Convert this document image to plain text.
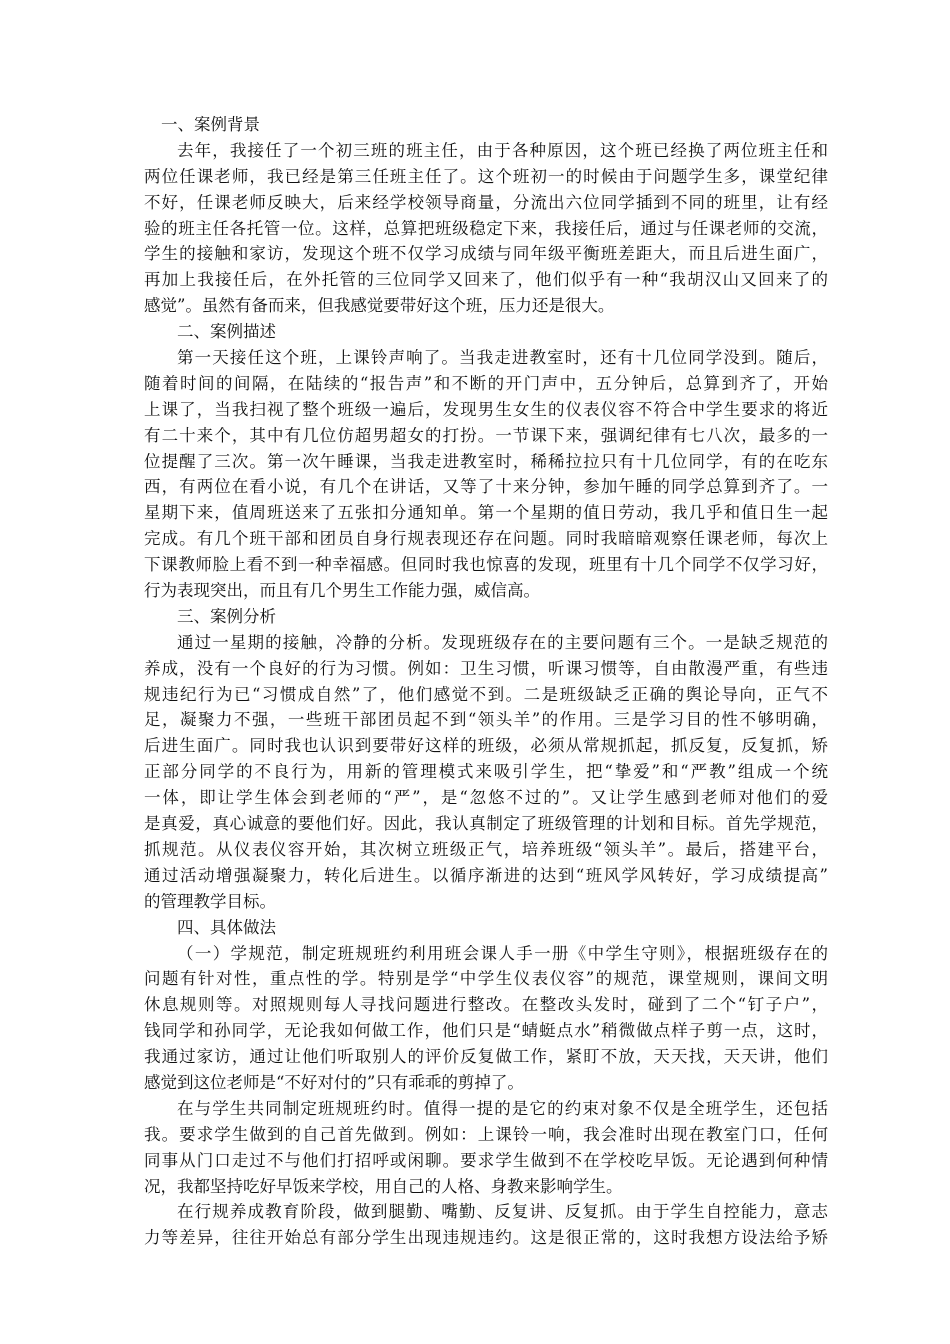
一、案例背景
去年，我接任了一个初三班的班主任，由于各种原因，这个班已经换了两位班主任和
两位任课老师，我已经是第三任班主任了。这个班初一的时候由于问题学生多，课堂纪律
不好，任课老师反映大，后来经学校领导商量，分流出六位同学插到不同的班里，让有经
验的班主任各托管一位。这样，总算把班级稳定下来，我接任后，通过与任课老师的交流，
学生的接触和家访，发现这个班不仅学习成绩与同年级平衡班差距大，而且后进生面广，
再加上我接任后，在外托管的三位同学又回来了，他们似乎有一种“我胡汉山又回来了的
感觉”。虽然有备而来，但我感觉要带好这个班，压力还是很大。
二、案例描述
第一天接任这个班，上课铃声响了。当我走进教室时，还有十几位同学没到。随后，
随着时间的间隔，在陆续的“报告声”和不断的开门声中，五分钟后，总算到齐了，开始
上课了，当我扫视了整个班级一遍后，发现男生女生的仪表仪容不符合中学生要求的将近
有二十来个，其中有几位仿超男超女的打扮。一节课下来，强调纪律有七八次，最多的一
位提醒了三次。第一次午睡课，当我走进教室时，稀稀拉拉只有十几位同学，有的在吃东
西，有两位在看小说，有几个在讲话，又等了十来分钟，参加午睡的同学总算到齐了。一
星期下来，值周班送来了五张扣分通知单。第一个星期的值日劳动，我几乎和值日生一起
完成。有几个班干部和团员自身行规表现还存在问题。同时我暗暗观察任课老师，每次上
下课教师脸上看不到一种幸福感。但同时我也惊喜的发现，班里有十几个同学不仅学习好，
行为表现突出，而且有几个男生工作能力强，威信高。
三、案例分析
通过一星期的接触，冷静的分析。发现班级存在的主要问题有三个。一是缺乏规范的
养成，没有一个良好的行为习惯。例如：卫生习惯，听课习惯等，自由散漫严重，有些违
规违纪行为已“习惯成自然”了，他们感觉不到。二是班级缺乏正确的舆论导向，正气不
足，凝聚力不强，一些班干部团员起不到“领头羊”的作用。三是学习目的性不够明确，
后进生面广。同时我也认识到要带好这样的班级，必须从常规抓起，抓反复，反复抓，矫
正部分同学的不良行为，用新的管理模式来吸引学生，把“挚爱”和“严教”组成一个统
一体，即让学生体会到老师的“严”，是“忽悠不过的”。又让学生感到老师对他们的爱
是真爱，真心诚意的要他们好。因此，我认真制定了班级管理的计划和目标。首先学规范，
抓规范。从仪表仪容开始，其次树立班级正气，培养班级“领头羊”。最后，搭建平台，
通过活动增强凝聚力，转化后进生。以循序渐进的达到“班风学风转好，学习成绩提高”
的管理教学目标。
四、具体做法
（一）学规范，制定班规班约利用班会课人手一册《中学生守则》，根据班级存在的
问题有针对性，重点性的学。特别是学“中学生仪表仪容”的规范，课堂规则，课间文明
休息规则等。对照规则每人寻找问题进行整改。在整改头发时，碰到了二个“钉子户”，
钱同学和孙同学，无论我如何做工作，他们只是“蜻蜓点水”稍微做点样子剪一点，这时，
我通过家访，通过让他们听取别人的评价反复做工作，紧盯不放，天天找，天天讲，他们
感觉到这位老师是“不好对付的”只有乖乖的剪掉了。
在与学生共同制定班规班约时。值得一提的是它的约束对象不仅是全班学生，还包括
我。要求学生做到的自己首先做到。例如：上课铃一响，我会准时出现在教室门口，任何
同事从门口走过不与他们打招呼或闲聊。要求学生做到不在学校吃早饭。无论遇到何种情
况，我都坚持吃好早饭来学校，用自己的人格、身教来影响学生。
在行规养成教育阶段，做到腿勤、嘴勤、反复讲、反复抓。由于学生自控能力，意志
力等差异，往往开始总有部分学生出现违规违约。这是很正常的，这时我想方设法给予矫
